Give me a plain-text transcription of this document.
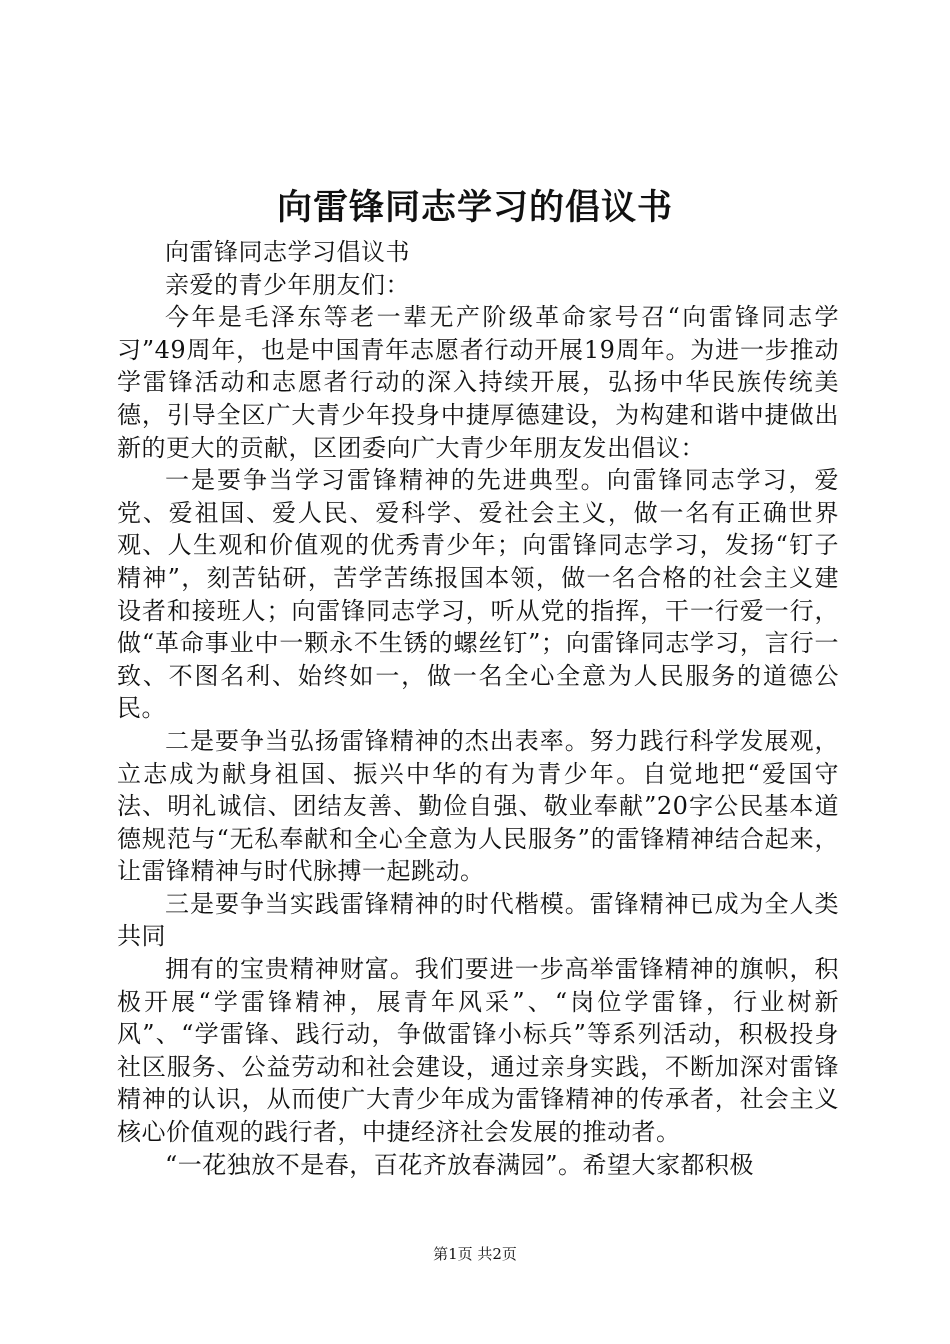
向雷锋同志学习的倡议书

向雷锋同志学习倡议书

亲爱的青少年朋友们：

今年是毛泽东等老一辈无产阶级革命家号召“向雷锋同志学习”49周年，也是中国青年志愿者行动开展19周年。为进一步推动学雷锋活动和志愿者行动的深入持续开展，弘扬中华民族传统美德，引导全区广大青少年投身中捷厚德建设，为构建和谐中捷做出新的更大的贡献，区团委向广大青少年朋友发出倡议：

一是要争当学习雷锋精神的先进典型。向雷锋同志学习，爱党、爱祖国、爱人民、爱科学、爱社会主义，做一名有正确世界观、人生观和价值观的优秀青少年；向雷锋同志学习，发扬“钉子精神”，刻苦钻研，苦学苦练报国本领，做一名合格的社会主义建设者和接班人；向雷锋同志学习，听从党的指挥，干一行爱一行，做“革命事业中一颗永不生锈的螺丝钉”；向雷锋同志学习，言行一致、不图名利、始终如一，做一名全心全意为人民服务的道德公民。

二是要争当弘扬雷锋精神的杰出表率。努力践行科学发展观，立志成为献身祖国、振兴中华的有为青少年。自觉地把“爱国守法、明礼诚信、团结友善、勤俭自强、敬业奉献”20字公民基本道德规范与“无私奉献和全心全意为人民服务”的雷锋精神结合起来，让雷锋精神与时代脉搏一起跳动。

三是要争当实践雷锋精神的时代楷模。雷锋精神已成为全人类共同

拥有的宝贵精神财富。我们要进一步高举雷锋精神的旗帜，积极开展“学雷锋精神，展青年风采”、“岗位学雷锋，行业树新风”、“学雷锋、践行动，争做雷锋小标兵”等系列活动，积极投身社区服务、公益劳动和社会建设，通过亲身实践，不断加深对雷锋精神的认识，从而使广大青少年成为雷锋精神的传承者，社会主义核心价值观的践行者，中捷经济社会发展的推动者。

“一花独放不是春，百花齐放春满园”。希望大家都积极

第1页 共2页
